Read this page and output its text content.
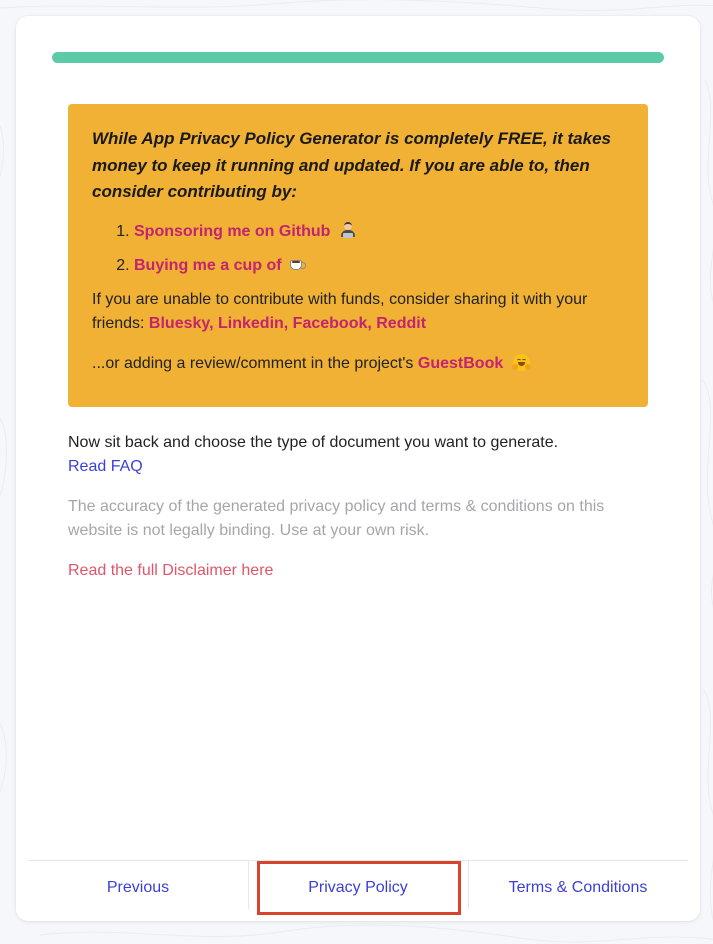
While App Privacy Policy Generator is completely FREE, it takes money to keep it running and updated. If you are able to, then consider contributing by:

1. Sponsoring me on Github
2. Buying me a cup of

If you are unable to contribute with funds, consider sharing it with your friends: Bluesky, Linkedin, Facebook, Reddit

...or adding a review/comment in the project's GuestBook

Now sit back and choose the type of document you want to generate.
Read FAQ

The accuracy of the generated privacy policy and terms & conditions on this website is not legally binding. Use at your own risk.

Read the full Disclaimer here

Previous	Privacy Policy	Terms & Conditions
